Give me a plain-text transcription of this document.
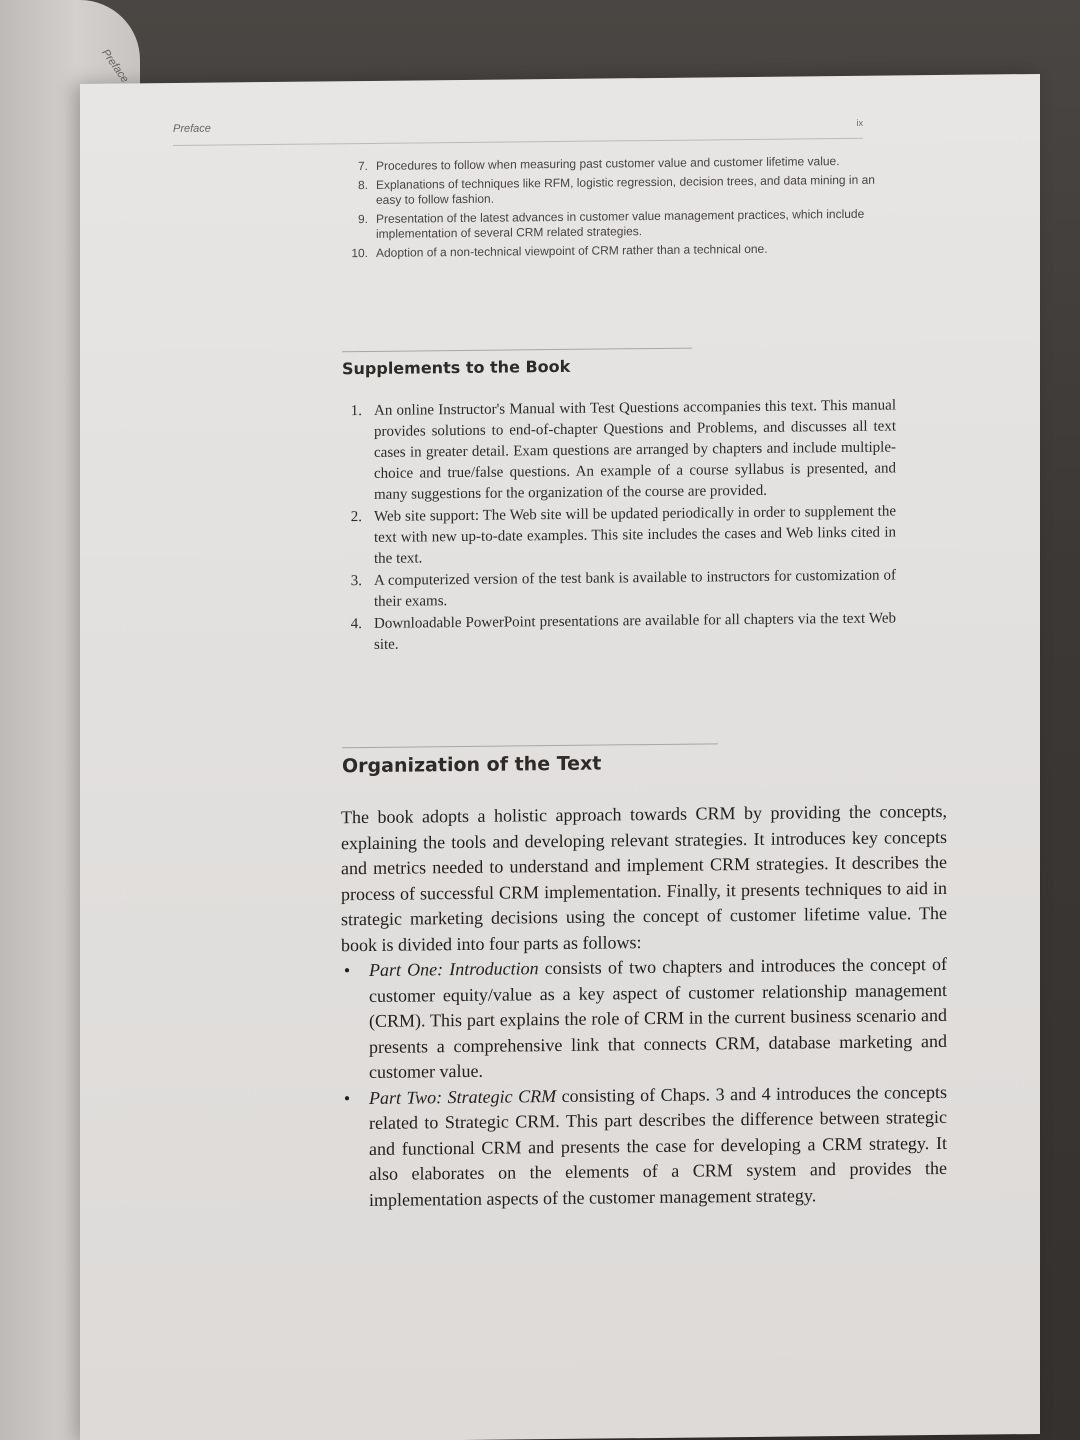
Preface
Preface	ix
7. Procedures to follow when measuring past customer value and customer lifetime value.
8. Explanations of techniques like RFM, logistic regression, decision trees, and data mining in an easy to follow fashion.
9. Presentation of the latest advances in customer value management practices, which include implementation of several CRM related strategies.
10. Adoption of a non-technical viewpoint of CRM rather than a technical one.
Supplements to the Book
1. An online Instructor's Manual with Test Questions accompanies this text. This manual provides solutions to end-of-chapter Questions and Problems, and discusses all text cases in greater detail. Exam questions are arranged by chapters and include multiple-choice and true/false questions. An example of a course syllabus is presented, and many suggestions for the organization of the course are provided.
2. Web site support: The Web site will be updated periodically in order to supplement the text with new up-to-date examples. This site includes the cases and Web links cited in the text.
3. A computerized version of the test bank is available to instructors for customization of their exams.
4. Downloadable PowerPoint presentations are available for all chapters via the text Web site.
Organization of the Text

The book adopts a holistic approach towards CRM by providing the concepts, explaining the tools and developing relevant strategies. It introduces key concepts and metrics needed to understand and implement CRM strategies. It describes the process of successful CRM implementation. Finally, it presents techniques to aid in strategic marketing decisions using the concept of customer lifetime value. The book is divided into four parts as follows:

• Part One: Introduction consists of two chapters and introduces the concept of customer equity/value as a key aspect of customer relationship management (CRM). This part explains the role of CRM in the current business scenario and presents a comprehensive link that connects CRM, database marketing and customer value.
• Part Two: Strategic CRM consisting of Chaps. 3 and 4 introduces the concepts related to Strategic CRM. This part describes the difference between strategic and functional CRM and presents the case for developing a CRM strategy. It also elaborates on the elements of a CRM system and provides the implementation aspects of the customer management strategy.
